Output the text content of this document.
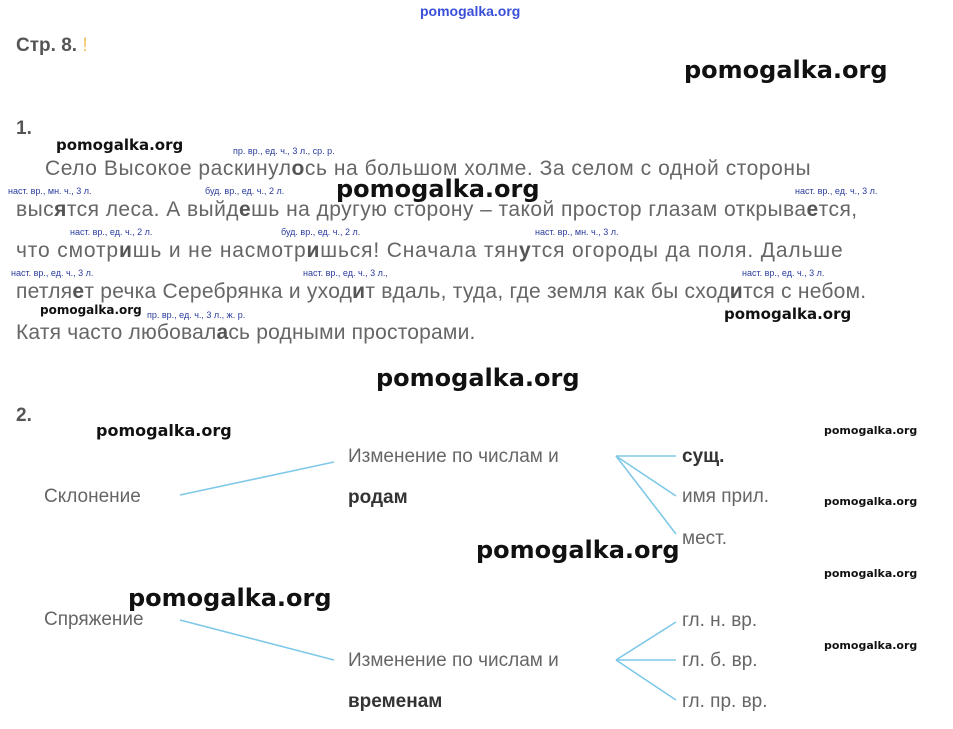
pomogalka.org
Стр. 8. !
pomogalka.org
pomogalka.org
pomogalka.org
pomogalka.org	pomogalka.org
pomogalka.org
pomogalka.org	pomogalka.org
pomogalka.org
pomogalka.org
pomogalka.org
pomogalka.org
pomogalka.org
1.
пр. вр., ед. ч., 3 л., ср. р.
наст. вр., мн. ч., 3 л.	буд. вр., ед. ч., 2 л.	наст. вр., ед. ч., 3 л.
наст. вр., ед. ч., 2 л.	буд. вр., ед. ч., 2 л.	наст. вр., мн. ч., 3 л.
наст. вр., ед. ч., 3 л.	наст. вр., ед. ч., 3 л.,	наст. вр., ед. ч., 3 л.
пр. вр., ед. ч., 3 л., ж. р.
Село Высокое раскинулось на большом холме. За селом с одной стороны
высятся леса. А выйдешь на другую сторону – такой простор глазам открывается,
что смотришь и не насмотришься! Сначала тянутся огороды да поля. Дальше
петляет речка Серебрянка и уходит вдаль, туда, где земля как бы сходится с небом.
Катя часто любовалась родными просторами.
2.
Склонение
Изменение по числам и
родам
сущ.
имя прил.
мест.
Спряжение
Изменение по числам и
временам
гл. н. вр.
гл. б. вр.
гл. пр. вр.
